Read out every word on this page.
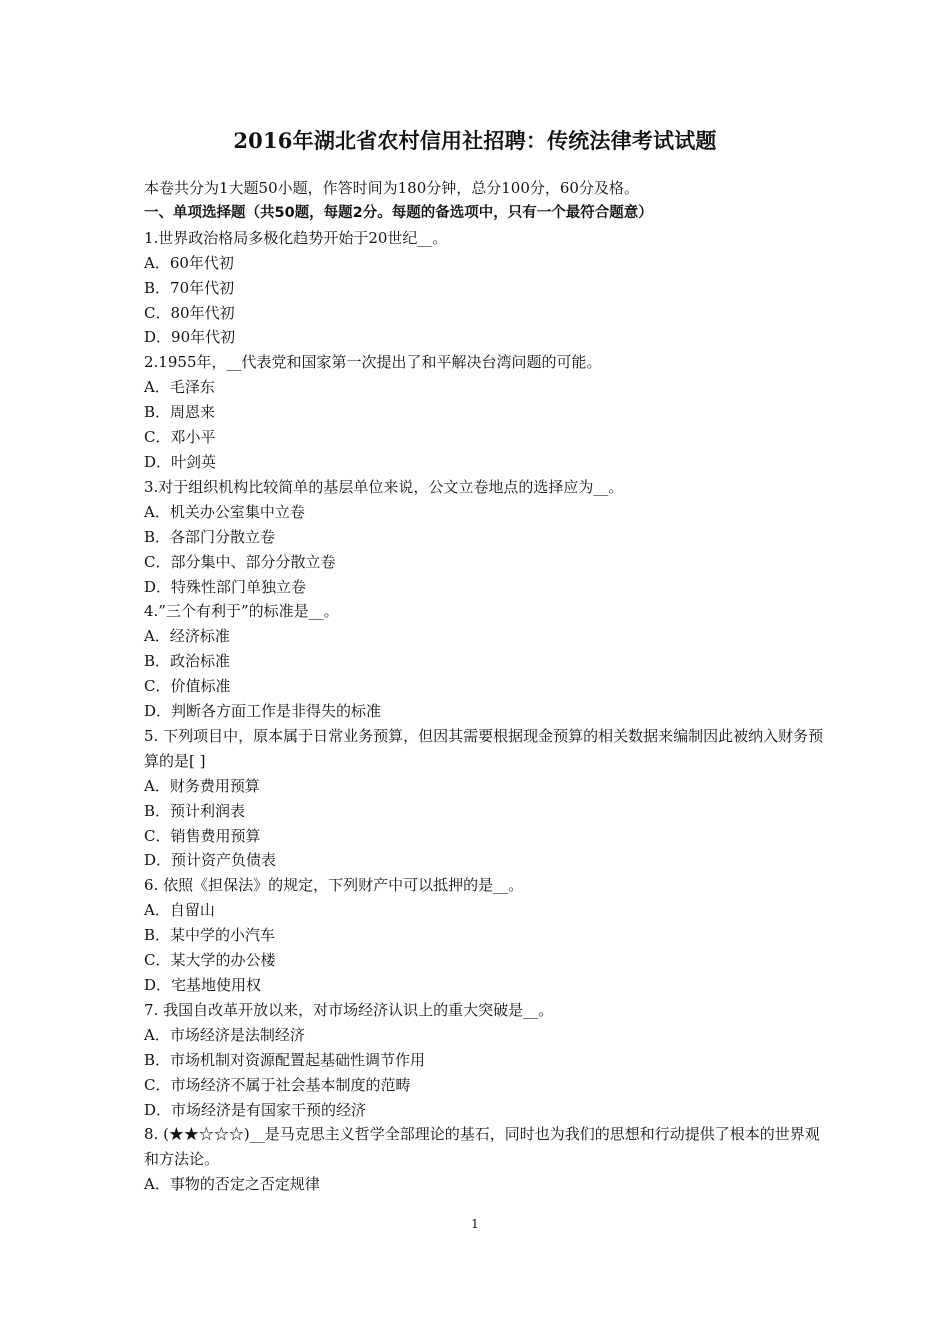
2016年湖北省农村信用社招聘：传统法律考试试题
本卷共分为1大题50小题，作答时间为180分钟，总分100分，60分及格。
一、单项选择题（共50题，每题2分。每题的备选项中，只有一个最符合题意）
1.世界政治格局多极化趋势开始于20世纪__。
A．60年代初
B．70年代初
C．80年代初
D．90年代初
2.1955年，__代表党和国家第一次提出了和平解决台湾问题的可能。
A．毛泽东
B．周恩来
C．邓小平
D．叶剑英
3.对于组织机构比较简单的基层单位来说，公文立卷地点的选择应为__。
A．机关办公室集中立卷
B．各部门分散立卷
C．部分集中、部分分散立卷
D．特殊性部门单独立卷
4.”三个有利于”的标准是__。
A．经济标准
B．政治标准
C．价值标准
D．判断各方面工作是非得失的标准
5. 下列项目中，原本属于日常业务预算，但因其需要根据现金预算的相关数据来编制因此被纳入财务预算的是[ ]
A．财务费用预算
B．预计利润表
C．销售费用预算
D．预计资产负债表
6. 依照《担保法》的规定，下列财产中可以抵押的是__。
A．自留山
B．某中学的小汽车
C．某大学的办公楼
D．宅基地使用权
7. 我国自改革开放以来，对市场经济认识上的重大突破是__。
A．市场经济是法制经济
B．市场机制对资源配置起基础性调节作用
C．市场经济不属于社会基本制度的范畴
D．市场经济是有国家干预的经济
8. (★★☆☆☆)__是马克思主义哲学全部理论的基石，同时也为我们的思想和行动提供了根本的世界观和方法论。
A．事物的否定之否定规律
1
